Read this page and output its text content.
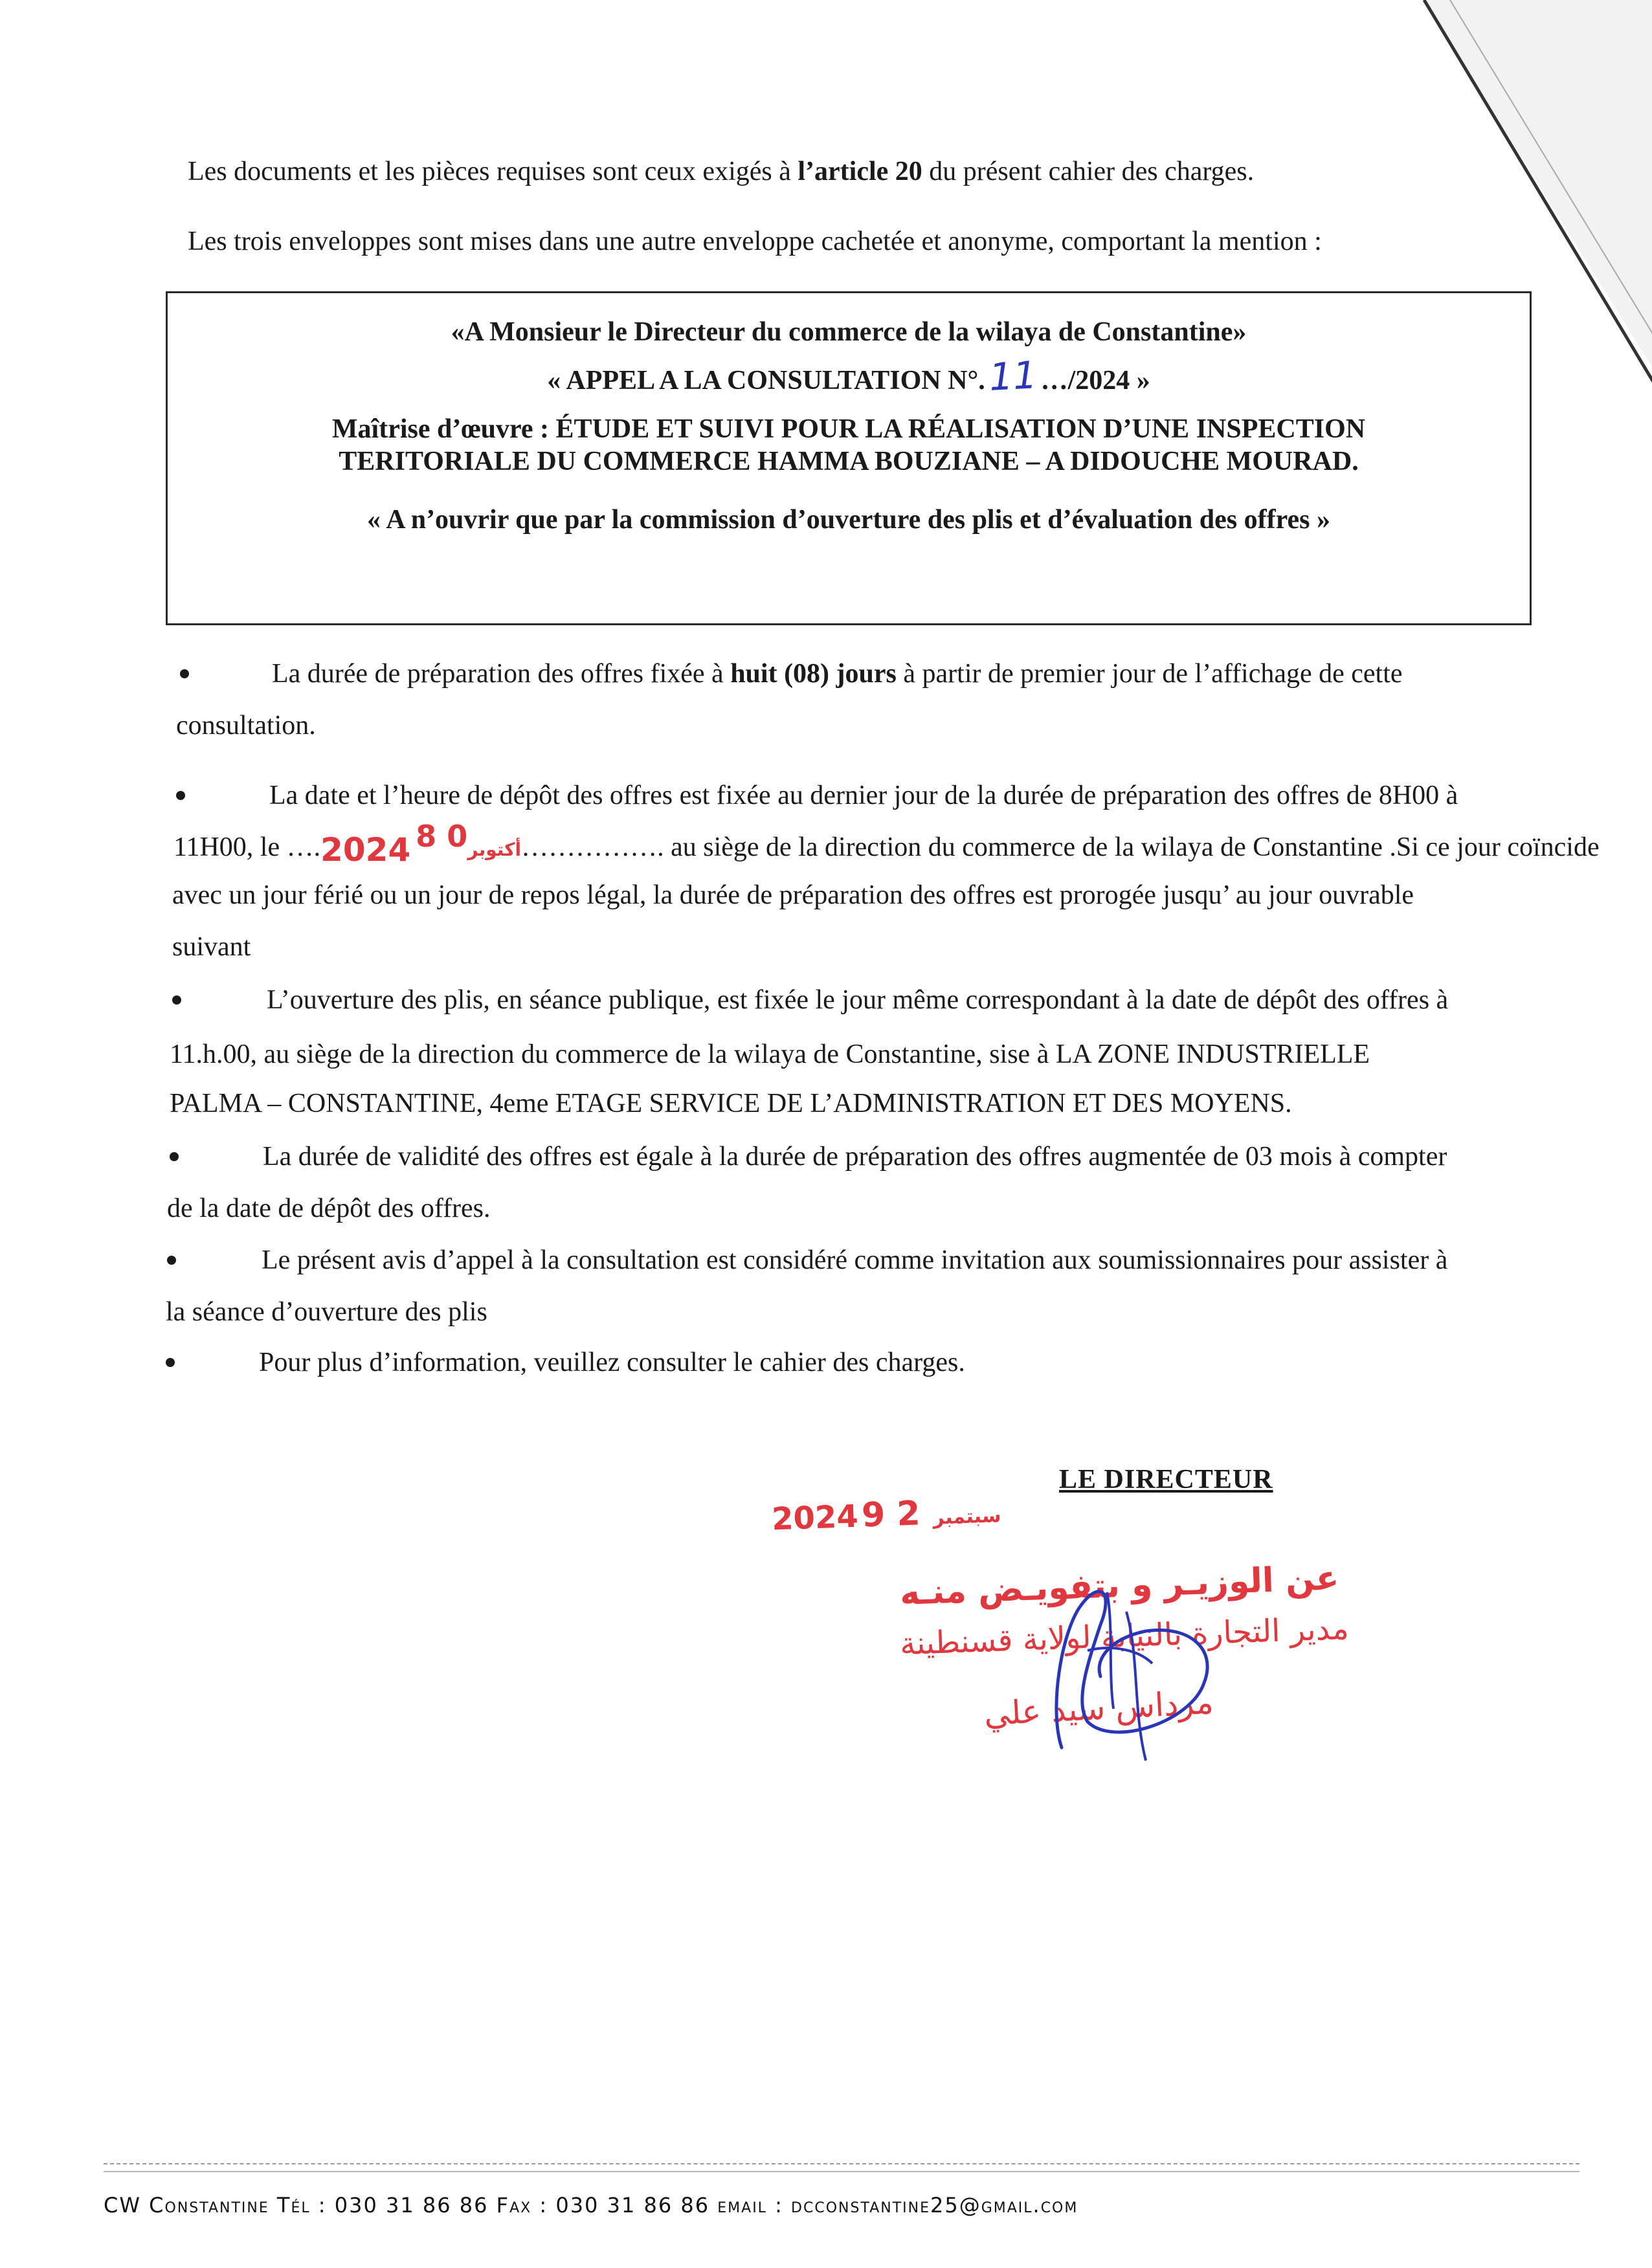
Les documents et les pièces requises sont ceux exigés à l’article 20 du présent cahier des charges.
Les trois enveloppes sont mises dans une autre enveloppe cachetée et anonyme, comportant la mention :
«A Monsieur le Directeur du commerce de la wilaya de Constantine»
« APPEL A LA CONSULTATION N°.11 …/2024 »
Maîtrise d’œuvre : ÉTUDE ET SUIVI POUR LA RÉALISATION D’UNE INSPECTION
TERITORIALE DU COMMERCE HAMMA BOUZIANE – A DIDOUCHE MOURAD.
« A n’ouvrir que par la commission d’ouverture des plis et d’évaluation des offres »
La durée de préparation des offres fixée à huit (08) jours à partir de premier jour de l’affichage de cette
consultation.
La date et l’heure de dépôt des offres est fixée au dernier jour de la durée de préparation des offres de 8H00 à
11H00, le ….2024	أكتوبر0 8 ……………. au siège de la direction du commerce de la wilaya de Constantine .Si ce jour coïncide
avec un jour férié ou un jour de repos légal, la durée de préparation des offres est prorogée jusqu’ au jour ouvrable
suivant
L’ouverture des plis, en séance publique, est fixée le jour même correspondant à la date de dépôt des offres à
11.h.00, au siège de la direction du commerce de la wilaya de Constantine, sise à LA ZONE INDUSTRIELLE
PALMA – CONSTANTINE, 4eme ETAGE SERVICE DE L’ADMINISTRATION ET DES MOYENS.
La durée de validité des offres est égale à la durée de préparation des offres augmentée de 03 mois à compter
de la date de dépôt des offres.
Le présent avis d’appel à la consultation est considéré comme invitation aux soumissionnaires pour assister à
la séance d’ouverture des plis
Pour plus d’information, veuillez consulter le cahier des charges.
LE DIRECTEUR
2024	سبتمبر 2 9
عن الوزيـر و بتفويـض منـه
مدير التجارة بالنيابة لولاية قسنطينة
مرداس سيد علي
CW Constantine Tél : 030 31 86 86 Fax : 030 31 86 86 email : dcconstantine25@gmail.com
